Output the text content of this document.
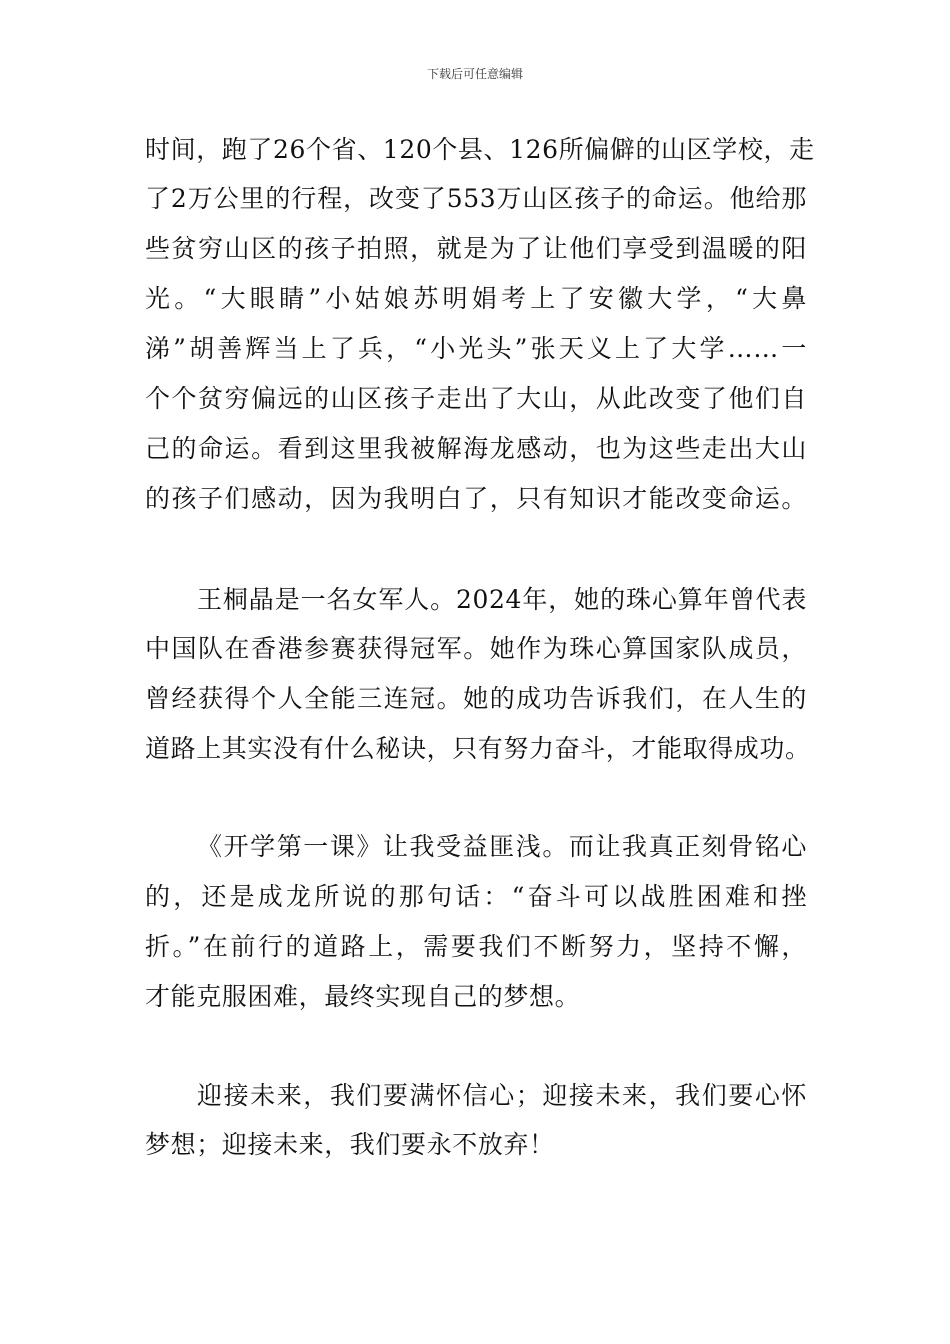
下载后可任意编辑
时间，跑了26个省、120个县、126所偏僻的山区学校，走
了2万公里的行程，改变了553万山区孩子的命运。他给那
些贫穷山区的孩子拍照，就是为了让他们享受到温暖的阳
光。“大眼睛”小姑娘苏明娟考上了安徽大学，“大鼻
涕”胡善辉当上了兵，“小光头”张天义上了大学……一
个个贫穷偏远的山区孩子走出了大山，从此改变了他们自
己的命运。看到这里我被解海龙感动，也为这些走出大山
的孩子们感动，因为我明白了，只有知识才能改变命运。
王桐晶是一名女军人。2024年，她的珠心算年曾代表
中国队在香港参赛获得冠军。她作为珠心算国家队成员，
曾经获得个人全能三连冠。她的成功告诉我们，在人生的
道路上其实没有什么秘诀，只有努力奋斗，才能取得成功。
《开学第一课》让我受益匪浅。而让我真正刻骨铭心
的，还是成龙所说的那句话：“奋斗可以战胜困难和挫
折。”在前行的道路上，需要我们不断努力，坚持不懈，
才能克服困难，最终实现自己的梦想。
迎接未来，我们要满怀信心；迎接未来，我们要心怀
梦想；迎接未来，我们要永不放弃！
